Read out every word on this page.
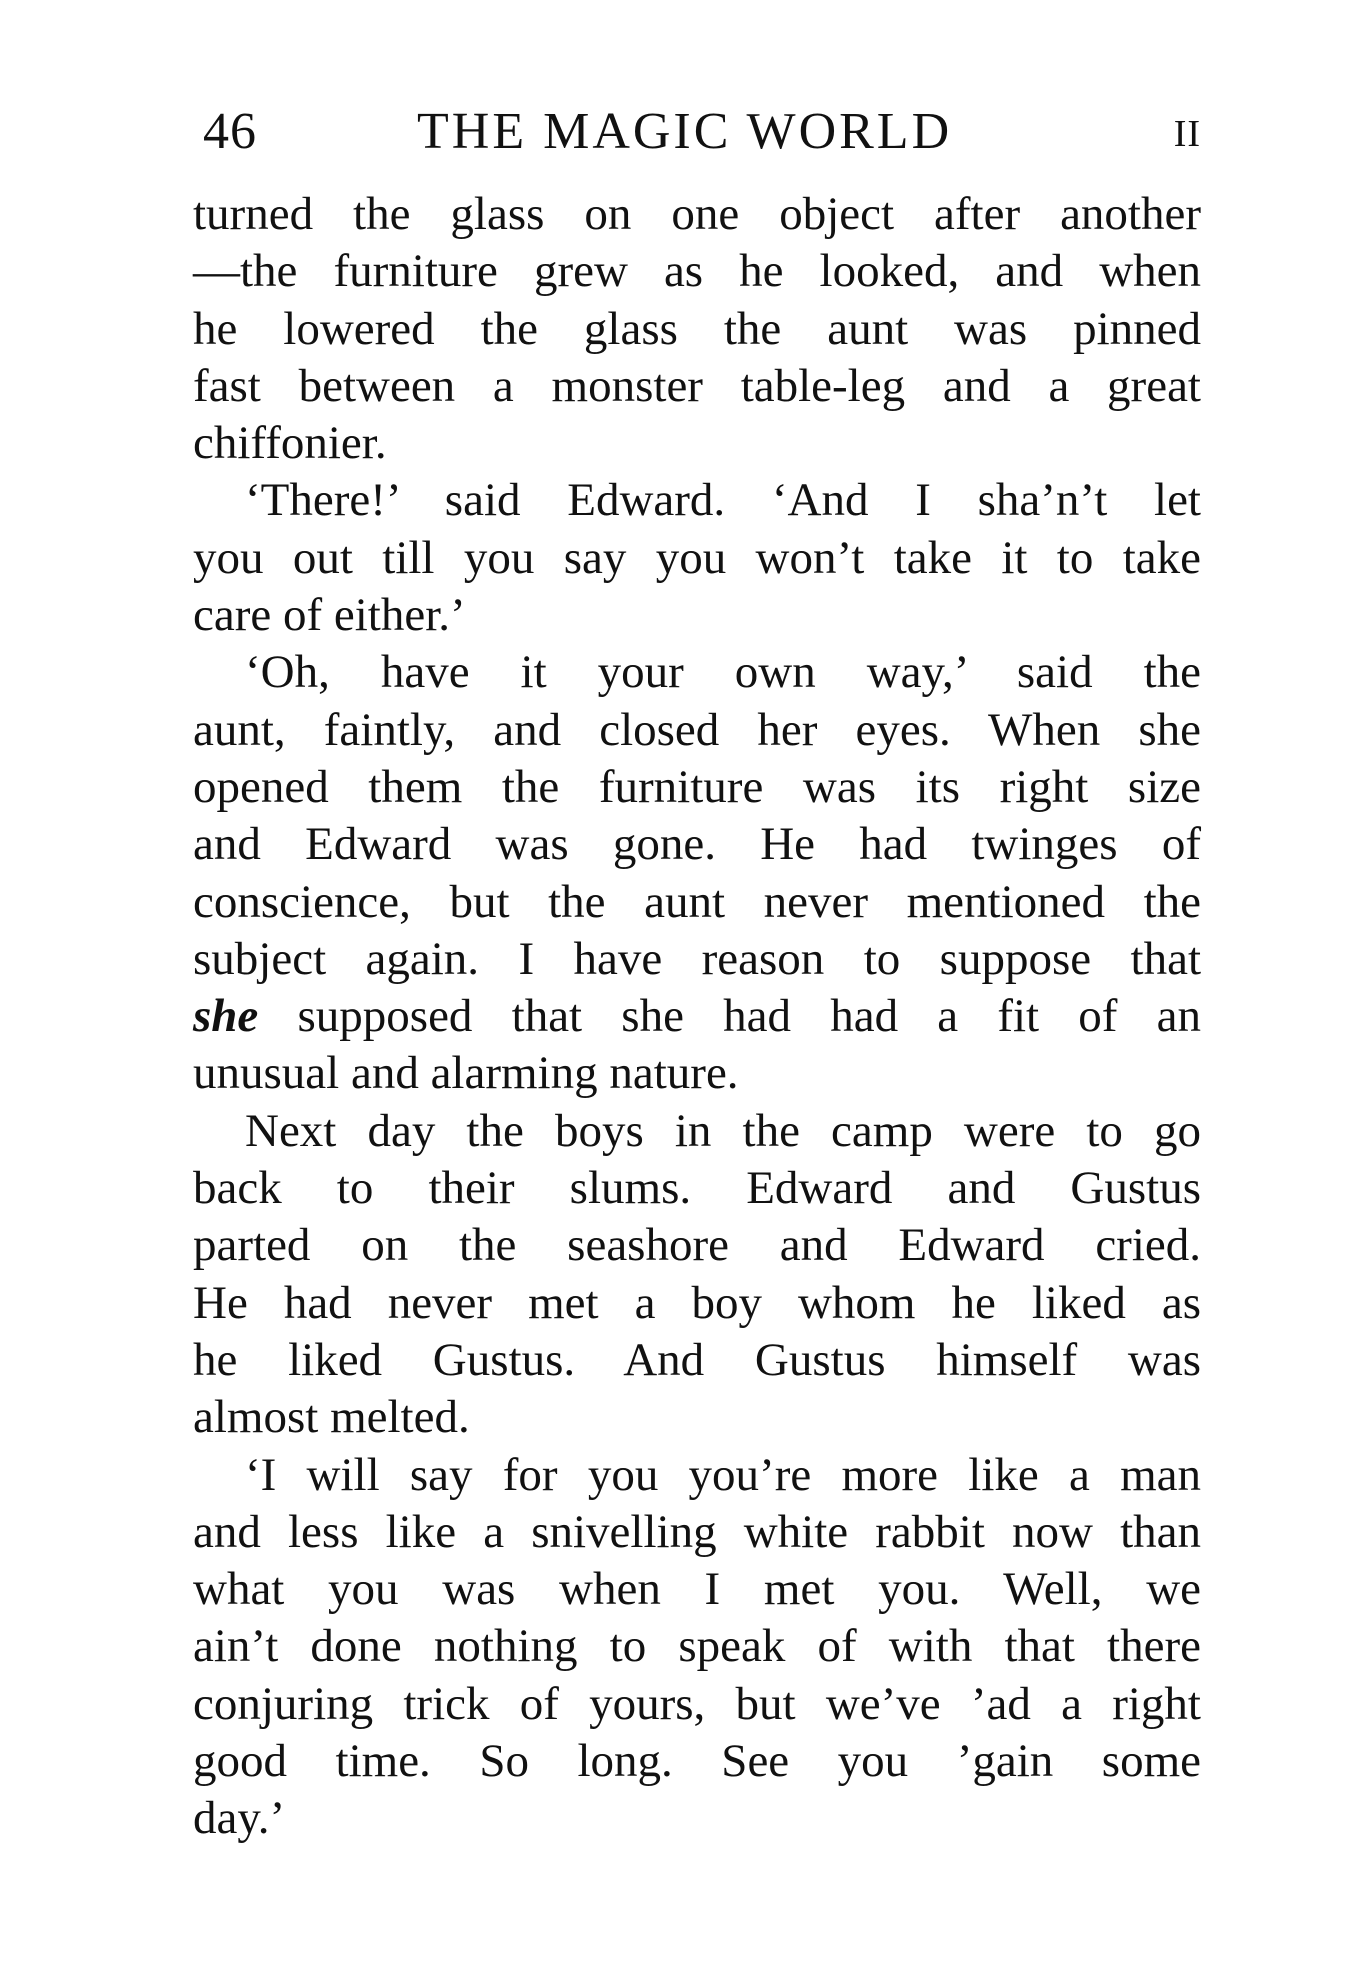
46	THE MAGIC WORLD	II
turned the glass on one object after another
—the furniture grew as he looked, and when
he lowered the glass the aunt was pinned
fast between a monster table-leg and a great
chiffonier.
‘There!’ said Edward. ‘And I sha’n’t let
you out till you say you won’t take it to take
care of either.’
‘Oh, have it your own way,’ said the
aunt, faintly, and closed her eyes. When she
opened them the furniture was its right size
and Edward was gone. He had twinges of
conscience, but the aunt never mentioned the
subject again. I have reason to suppose that
she supposed that she had had a fit of an
unusual and alarming nature.
Next day the boys in the camp were to go
back to their slums. Edward and Gustus
parted on the seashore and Edward cried.
He had never met a boy whom he liked as
he liked Gustus. And Gustus himself was
almost melted.
‘I will say for you you’re more like a man
and less like a snivelling white rabbit now than
what you was when I met you. Well, we
ain’t done nothing to speak of with that there
conjuring trick of yours, but we’ve ’ad a right
good time. So long. See you ’gain some
day.’
